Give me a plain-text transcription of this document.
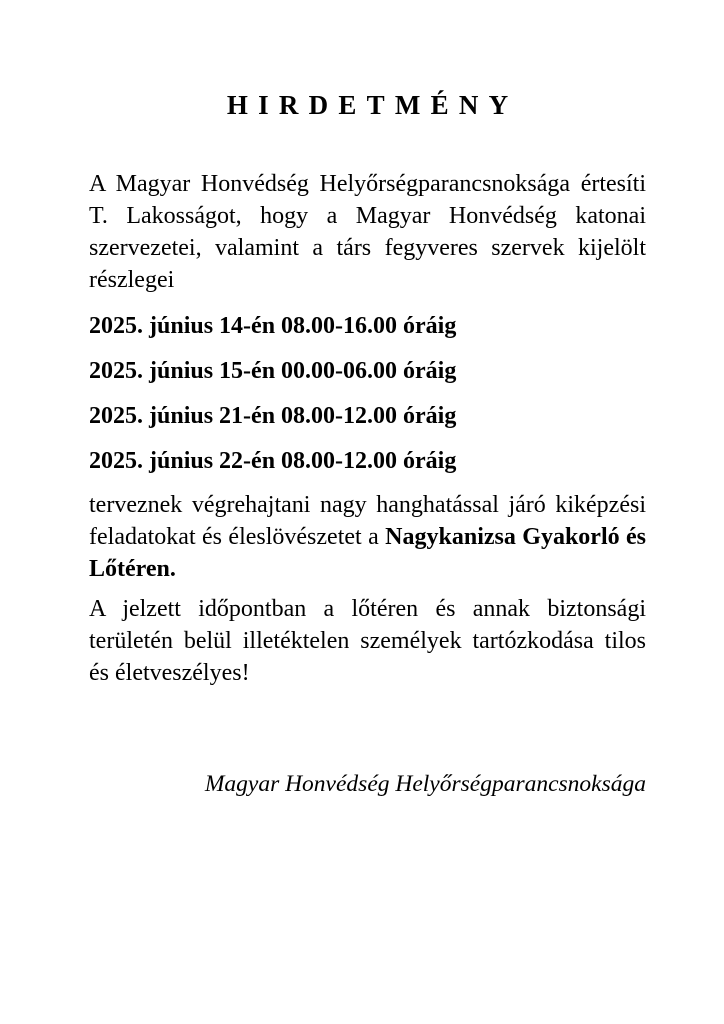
HIRDETMÉNY

A Magyar Honvédség Helyőrségparancsnoksága értesíti T. Lakosságot, hogy a Magyar Honvédség katonai szervezetei, valamint a társ fegyveres szervek kijelölt részlegei

2025. június 14-én 08.00-16.00 óráig

2025. június 15-én 00.00-06.00 óráig

2025. június 21-én 08.00-12.00 óráig

2025. június 22-én 08.00-12.00 óráig

terveznek végrehajtani nagy hanghatással járó kiképzési feladatokat és éleslövészetet a Nagykanizsa Gyakorló és Lőtéren.

A jelzett időpontban a lőtéren és annak biztonsági területén belül illetéktelen személyek tartózkodása tilos és életveszélyes!

Magyar Honvédség Helyőrségparancsnoksága
